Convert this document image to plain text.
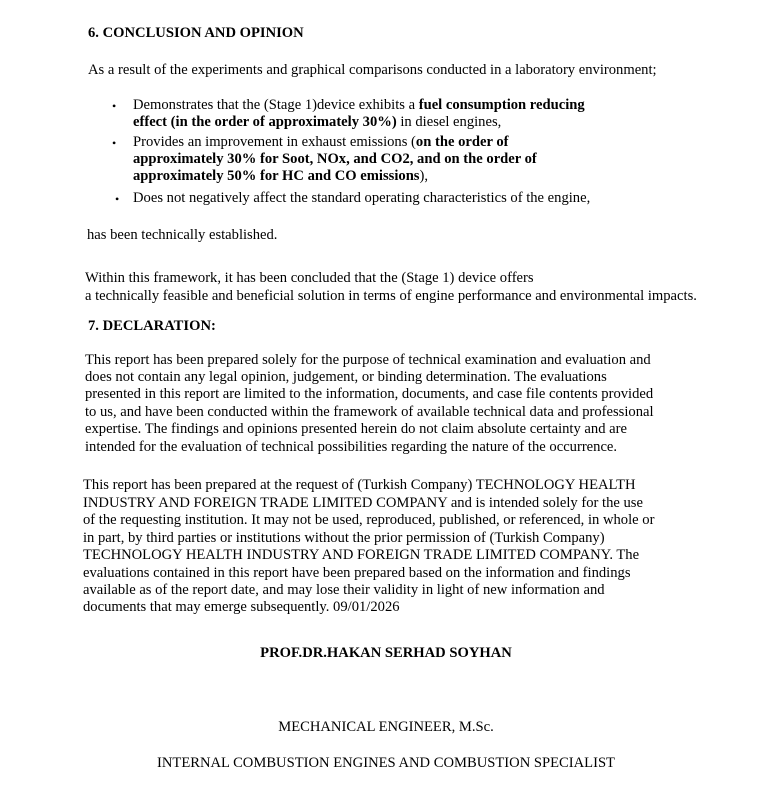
6. CONCLUSION AND OPINION
As a result of the experiments and graphical comparisons conducted in a laboratory environment;
• Demonstrates that the (Stage 1)device exhibits a fuel consumption reducing
effect (in the order of approximately 30%) in diesel engines,
• Provides an improvement in exhaust emissions (on the order of
approximately 30% for Soot, NOx, and CO2, and on the order of
approximately 50% for HC and CO emissions),
• Does not negatively affect the standard operating characteristics of the engine,
has been technically established.
Within this framework, it has been concluded that the (Stage 1) device offers
a technically feasible and beneficial solution in terms of engine performance and environmental impacts.
7. DECLARATION:
This report has been prepared solely for the purpose of technical examination and evaluation and
does not contain any legal opinion, judgement, or binding determination. The evaluations
presented in this report are limited to the information, documents, and case file contents provided
to us, and have been conducted within the framework of available technical data and professional
expertise. The findings and opinions presented herein do not claim absolute certainty and are
intended for the evaluation of technical possibilities regarding the nature of the occurrence.
This report has been prepared at the request of (Turkish Company) TECHNOLOGY HEALTH
INDUSTRY AND FOREIGN TRADE LIMITED COMPANY and is intended solely for the use
of the requesting institution. It may not be used, reproduced, published, or referenced, in whole or
in part, by third parties or institutions without the prior permission of (Turkish Company)
TECHNOLOGY HEALTH INDUSTRY AND FOREIGN TRADE LIMITED COMPANY. The
evaluations contained in this report have been prepared based on the information and findings
available as of the report date, and may lose their validity in light of new information and
documents that may emerge subsequently. 09/01/2026
PROF.DR.HAKAN SERHAD SOYHAN
MECHANICAL ENGINEER, M.Sc.
INTERNAL COMBUSTION ENGINES AND COMBUSTION SPECIALIST
